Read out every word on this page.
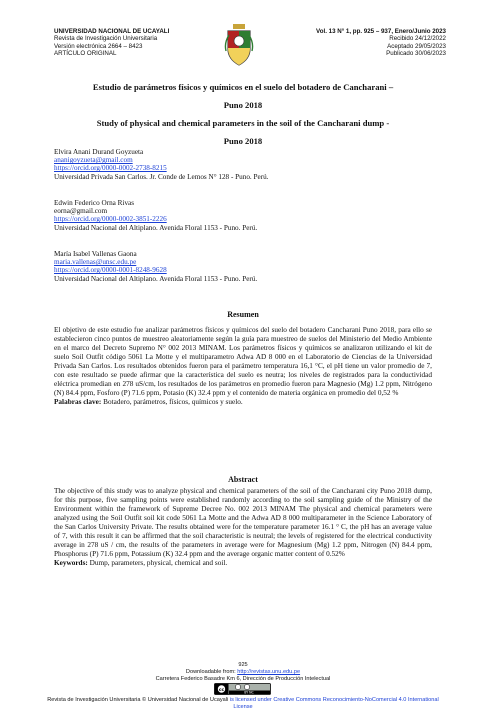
UNIVERSIDAD NACIONAL DE UCAYALI
Revista de Investigación Universitaria
Versión electrónica 2664 – 8423
ARTÍCULO ORIGINAL
Vol. 13 N° 1, pp. 925 – 937, Enero/Junio 2023
Recibido 24/12/2022
Aceptado 29/05/2023
Publicado 30/06/2023
Estudio de parámetros físicos y químicos en el suelo del botadero de Cancharani –
Puno 2018
Study of physical and chemical parameters in the soil of the Cancharani dump -
Puno 2018
Elvira Anani Durand Goyzueta
ananigoyzueta@gmail.com
https://orcid.org/0000-0002-2738-8215
Universidad Privada San Carlos. Jr. Conde de Lemos N° 128 - Puno. Perú.
Edwin Federico Orna Rivas
eorna@gmail.com
https://orcid.org/0000-0002-3851-2226
Universidad Nacional del Altiplano. Avenida Floral 1153 - Puno. Perú.
María Isabel Vallenas Gaona
maria.vallenas@unsc.edu.pe
https://orcid.org/0000-0001-8248-9628
Universidad Nacional del Altiplano. Avenida Floral 1153 - Puno. Perú.
Resumen
El objetivo de este estudio fue analizar parámetros físicos y químicos del suelo del botadero Cancharani Puno 2018, para ello se establecieron cinco puntos de muestreo aleatoriamente según la guía para muestreo de suelos del Ministerio del Medio Ambiente en el marco del Decreto Supremo N° 002 2013 MINAM. Los parámetros físicos y químicos se analizaron utilizando el kit de suelo Soil Outfit código 5061 La Motte y el multiparametro Adwa AD 8 000 en el Laboratorio de Ciencias de la Universidad Privada San Carlos. Los resultados obtenidos fueron para el parámetro temperatura 16,1 °C, el pH tiene un valor promedio de 7, con este resultado se puede afirmar que la característica del suelo es neutra; los niveles de registrados para la conductividad eléctrica promedian en 278 uS/cm, los resultados de los parámetros en promedio fueron para Magnesio (Mg) 1.2 ppm, Nitrógeno (N) 84.4 ppm, Fosforo (P) 71.6 ppm, Potasio (K) 32.4 ppm y el contenido de materia orgánica en promedio del 0,52 %
Palabras clave: Botadero, parámetros, físicos, químicos y suelo.
Abstract
The objective of this study was to analyze physical and chemical parameters of the soil of the Cancharani city Puno 2018 dump, for this purpose, five sampling points were established randomly according to the soil sampling guide of the Ministry of the Environment within the framework of Supreme Decree No. 002 2013 MINAM The physical and chemical parameters were analyzed using the Soil Outfit soil kit code 5061 La Motte and the Adwa AD 8 000 multiparameter in the Science Laboratory of the San Carlos University Private. The results obtained were for the temperature parameter 16.1 ° C, the pH has an average value of 7, with this result it can be affirmed that the soil characteristic is neutral; the levels of registered for the electrical conductivity average in 278 uS / cm, the results of the parameters in average were for Magnesium (Mg) 1.2 ppm, Nitrogen (N) 84.4 ppm, Phosphorus (P) 71.6 ppm, Potassium (K) 32.4 ppm and the average organic matter content of 0.52%
Keywords: Dump, parameters, physical, chemical and soil.
925
Downloadable from: http://revistas.unu.edu.pe
Carretera Federico Basadre Km 6, Dirección de Producción Intelectual
cc	BY NC
Revista de Investigación Universitaria © Universidad Nacional de Ucayali is licensed under Creative Commons Reconocimiento-NoComercial 4.0 International License
